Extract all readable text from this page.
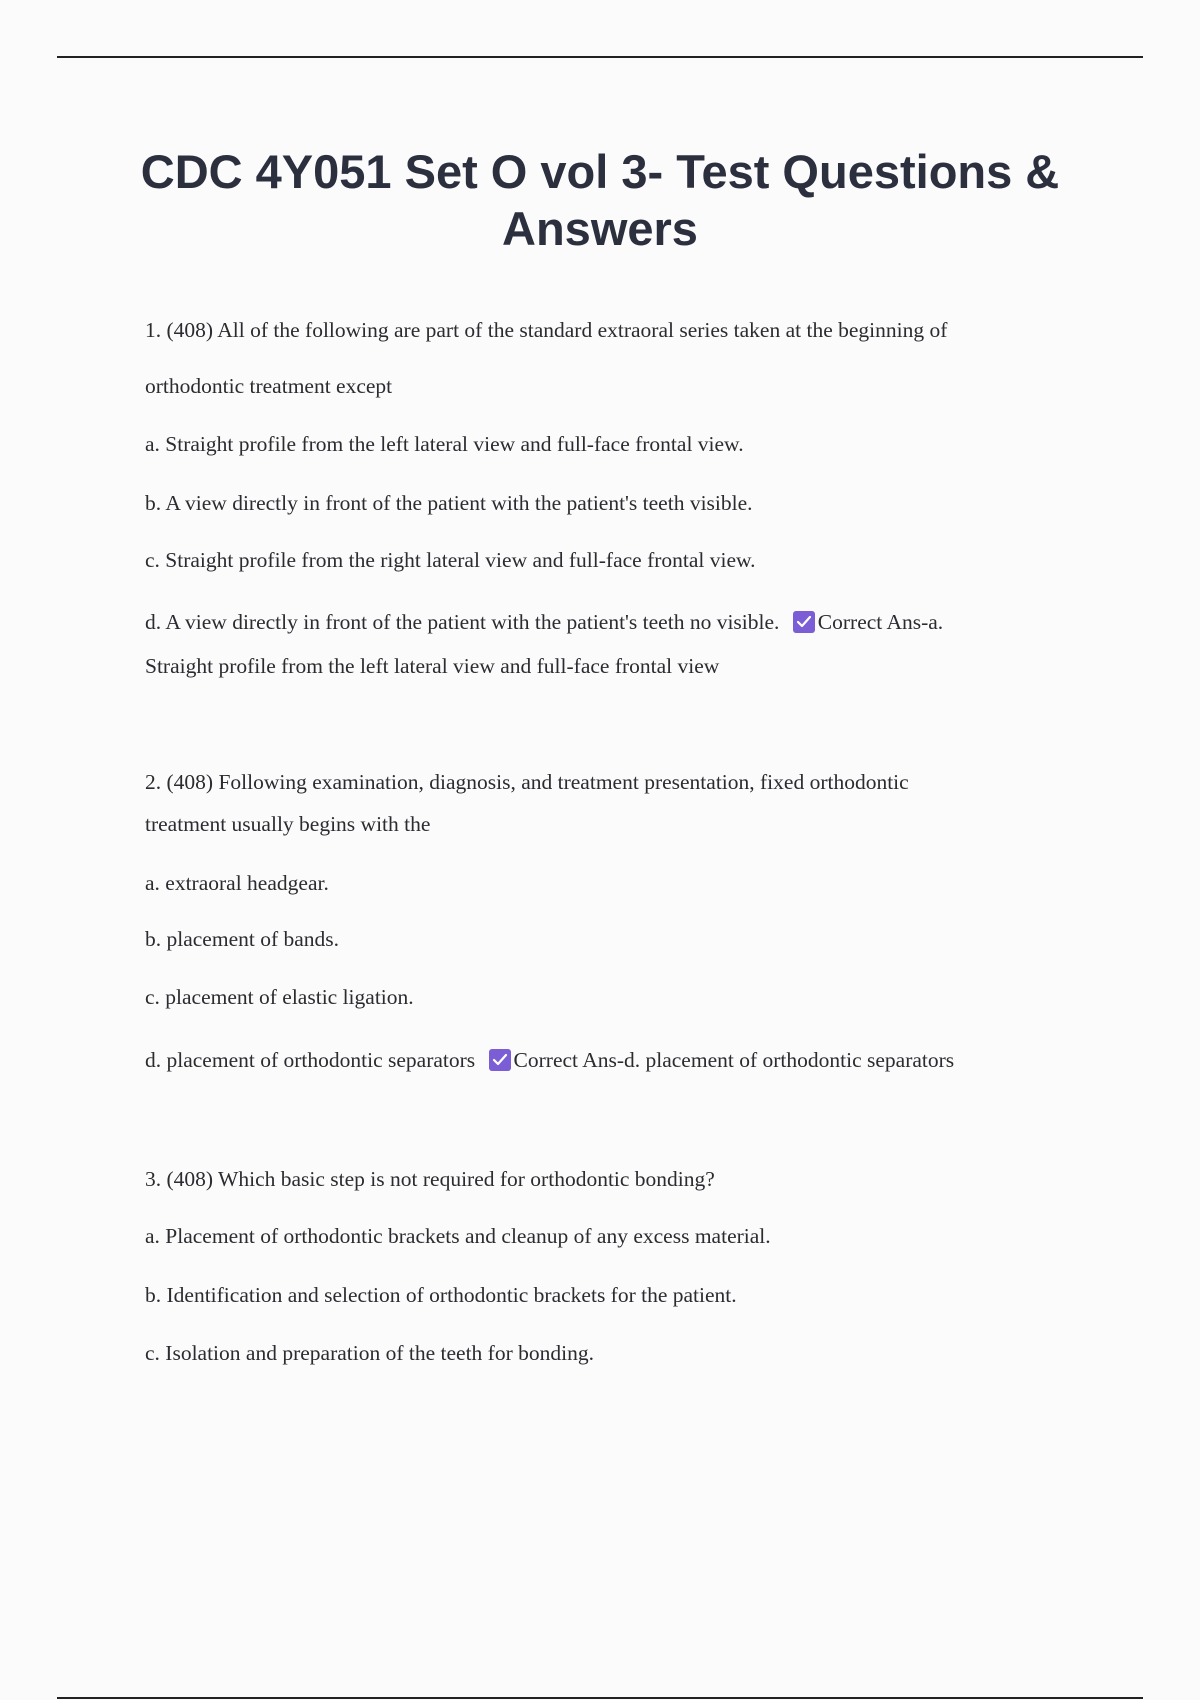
CDC 4Y051 Set O vol 3- Test Questions & Answers
1. (408) All of the following are part of the standard extraoral series taken at the beginning of
orthodontic treatment except
a. Straight profile from the left lateral view and full-face frontal view.
b. A view directly in front of the patient with the patient's teeth visible.
c. Straight profile from the right lateral view and full-face frontal view.
d. A view directly in front of the patient with the patient's teeth no visible. Correct Ans-a.
Straight profile from the left lateral view and full-face frontal view
2. (408) Following examination, diagnosis, and treatment presentation, fixed orthodontic
treatment usually begins with the
a. extraoral headgear.
b. placement of bands.
c. placement of elastic ligation.
d. placement of orthodontic separators Correct Ans-d. placement of orthodontic separators
3. (408) Which basic step is not required for orthodontic bonding?
a. Placement of orthodontic brackets and cleanup of any excess material.
b. Identification and selection of orthodontic brackets for the patient.
c. Isolation and preparation of the teeth for bonding.
